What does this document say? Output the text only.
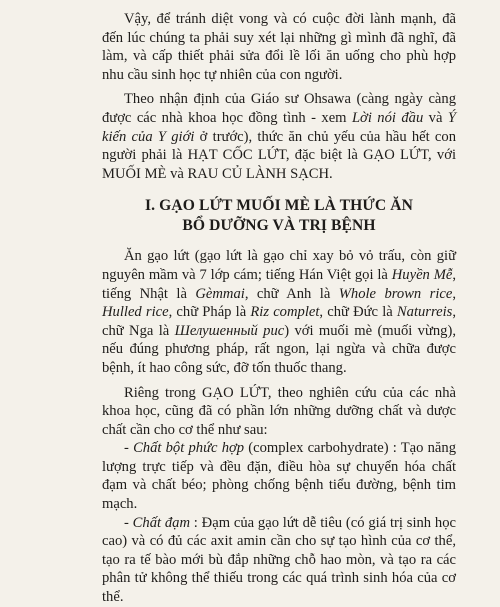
Vậy, để tránh diệt vong và có cuộc đời lành mạnh, đã đến lúc chúng ta phải suy xét lại những gì mình đã nghĩ, đã làm, và cấp thiết phải sửa đổi lề lối ăn uống cho phù hợp nhu cầu sinh học tự nhiên của con người.

Theo nhận định của Giáo sư Ohsawa (càng ngày càng được các nhà khoa học đồng tình - xem Lời nói đầu và Ý kiến của Y giới ở trước), thức ăn chủ yếu của hầu hết con người phải là HẠT CỐC LỨT, đặc biệt là GẠO LỨT, với MUỐI MÈ và RAU CỦ LÀNH SẠCH.

I. GẠO LỨT MUỐI MÈ LÀ THỨC ĂN
BỔ DƯỠNG VÀ TRỊ BỆNH

Ăn gạo lứt (gạo lứt là gạo chỉ xay bỏ vỏ trấu, còn giữ nguyên mầm và 7 lớp cám; tiếng Hán Việt gọi là Huyền Mễ, tiếng Nhật là Gèmmai, chữ Anh là Whole brown rice, Hulled rice, chữ Pháp là Riz complet, chữ Đức là Naturreis, chữ Nga là Шелушенный рис) với muối mè (muối vừng), nếu đúng phương pháp, rất ngon, lại ngừa và chữa được bệnh, ít hao công sức, đỡ tốn thuốc thang.

Riêng trong GẠO LỨT, theo nghiên cứu của các nhà khoa học, cũng đã có phần lớn những dưỡng chất và dược chất cần cho cơ thể như sau:

- Chất bột phức hợp (complex carbohydrate) : Tạo năng lượng trực tiếp và đều đặn, điều hòa sự chuyển hóa chất đạm và chất béo; phòng chống bệnh tiểu đường, bệnh tim mạch.

- Chất đạm : Đạm của gạo lứt dễ tiêu (có giá trị sinh học cao) và có đủ các axit amin cần cho sự tạo hình của cơ thể, tạo ra tế bào mới bù đắp những chỗ hao mòn, và tạo ra các phân tử không thể thiếu trong các quá trình sinh hóa của cơ thể.
